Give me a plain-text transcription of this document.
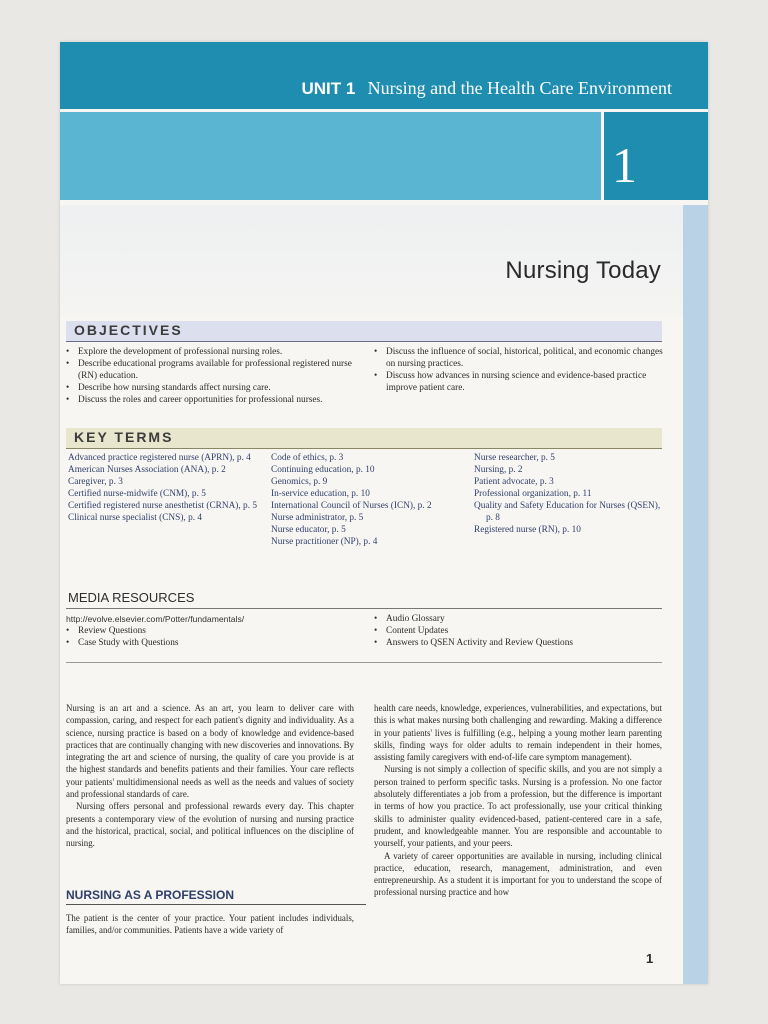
UNIT 1 Nursing and the Health Care Environment
1
Nursing Today
OBJECTIVES
• Explore the development of professional nursing roles.
• Describe educational programs available for professional registered nurse (RN) education.
• Describe how nursing standards affect nursing care.
• Discuss the roles and career opportunities for professional nurses.
• Discuss the influence of social, historical, political, and economic changes on nursing practices.
• Discuss how advances in nursing science and evidence-based practice improve patient care.
KEY TERMS
Advanced practice registered nurse (APRN), p. 4
American Nurses Association (ANA), p. 2
Caregiver, p. 3
Certified nurse-midwife (CNM), p. 5
Certified registered nurse anesthetist (CRNA), p. 5
Clinical nurse specialist (CNS), p. 4
Code of ethics, p. 3
Continuing education, p. 10
Genomics, p. 9
In-service education, p. 10
International Council of Nurses (ICN), p. 2
Nurse administrator, p. 5
Nurse educator, p. 5
Nurse practitioner (NP), p. 4
Nurse researcher, p. 5
Nursing, p. 2
Patient advocate, p. 3
Professional organization, p. 11
Quality and Safety Education for Nurses (QSEN), p. 8
Registered nurse (RN), p. 10
MEDIA RESOURCES
http://evolve.elsevier.com/Potter/fundamentals/
• Review Questions
• Case Study with Questions
• Audio Glossary
• Content Updates
• Answers to QSEN Activity and Review Questions

Nursing is an art and a science. As an art, you learn to deliver care with compassion, caring, and respect for each patient's dignity and individuality. As a science, nursing practice is based on a body of knowledge and evidence-based practices that are continually changing with new discoveries and innovations. By integrating the art and science of nursing, the quality of care you provide is at the highest standards and benefits patients and their families. Your care reflects your patients' multidimensional needs as well as the needs and values of society and professional standards of care.

Nursing offers personal and professional rewards every day. This chapter presents a contemporary view of the evolution of nursing and nursing practice and the historical, practical, social, and political influences on the discipline of nursing.

NURSING AS A PROFESSION

The patient is the center of your practice. Your patient includes individuals, families, and/or communities. Patients have a wide variety of

health care needs, knowledge, experiences, vulnerabilities, and expectations, but this is what makes nursing both challenging and rewarding. Making a difference in your patients' lives is fulfilling (e.g., helping a young mother learn parenting skills, finding ways for older adults to remain independent in their homes, assisting family caregivers with end-of-life care symptom management).

Nursing is not simply a collection of specific skills, and you are not simply a person trained to perform specific tasks. Nursing is a profession. No one factor absolutely differentiates a job from a profession, but the difference is important in terms of how you practice. To act professionally, use your critical thinking skills to administer quality evidenced-based, patient-centered care in a safe, prudent, and knowledgeable manner. You are responsible and accountable to yourself, your patients, and your peers.

A variety of career opportunities are available in nursing, including clinical practice, education, research, management, administration, and even entrepreneurship. As a student it is important for you to understand the scope of professional nursing practice and how

1
